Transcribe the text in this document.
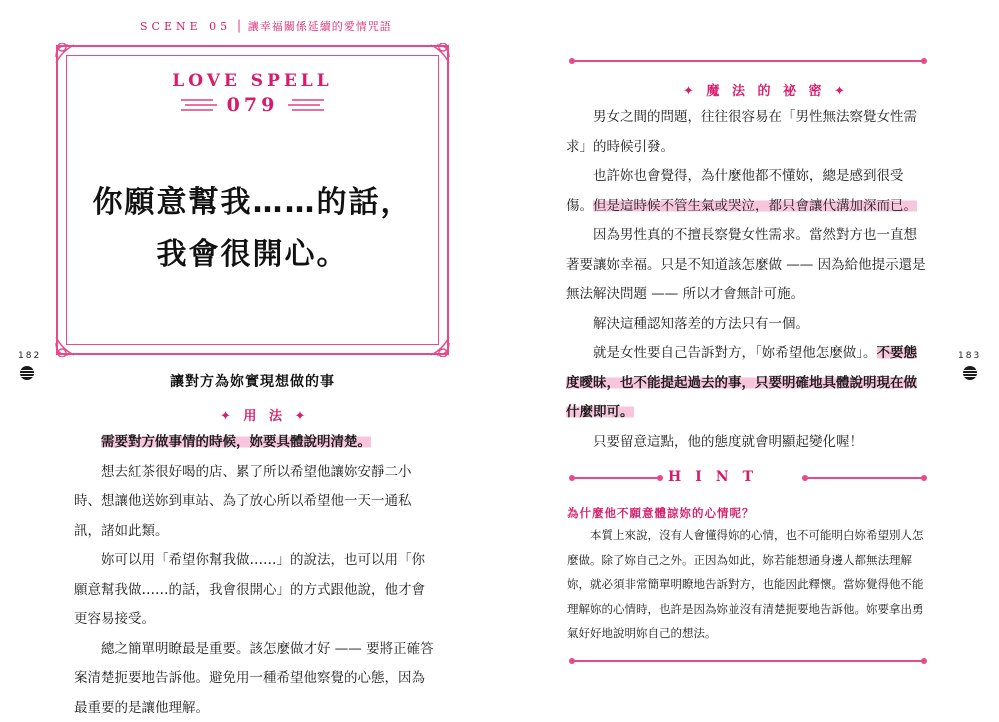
SCENE 05 │ 讓幸福關係延續的愛情咒語
LOVE SPELL
079
你願意幫我……的話，
我會很開心。
182	183
讓對方為妳實現想做的事
✦ 用 法 ✦

需要對方做事情的時候，妳要具體說明清楚。

想去紅茶很好喝的店、累了所以希望他讓妳安靜二小時、想讓他送妳到車站、為了放心所以希望他一天一通私訊，諸如此類。

妳可以用「希望你幫我做……」的說法，也可以用「你願意幫我做……的話，我會很開心」的方式跟他說，他才會更容易接受。

總之簡單明瞭最是重要。該怎麼做才好 —— 要將正確答案清楚扼要地告訴他。避免用一種希望他察覺的心態，因為最重要的是讓他理解。

✦ 魔 法 的 祕 密 ✦

男女之間的問題，往往很容易在「男性無法察覺女性需求」的時候引發。

也許妳也會覺得，為什麼他都不懂妳，總是感到很受傷。但是這時候不管生氣或哭泣，都只會讓代溝加深而已。

因為男性真的不擅長察覺女性需求。當然對方也一直想著要讓妳幸福。只是不知道該怎麼做 —— 因為給他提示還是無法解決問題 —— 所以才會無計可施。

解決這種認知落差的方法只有一個。

就是女性要自己告訴對方，「妳希望他怎麼做」。不要態度曖昧，也不能提起過去的事，只要明確地具體說明現在做什麼即可。

只要留意這點，他的態度就會明顯起變化喔！

HINT
為什麼他不願意體諒妳的心情呢？

本質上來說，沒有人會懂得妳的心情，也不可能明白妳希望別人怎麼做。除了妳自己之外。正因為如此，妳若能想通身邊人都無法理解妳，就必須非常簡單明瞭地告訴對方，也能因此釋懷。當妳覺得他不能理解妳的心情時，也許是因為妳並沒有清楚扼要地告訴他。妳要拿出勇氣好好地說明妳自己的想法。
